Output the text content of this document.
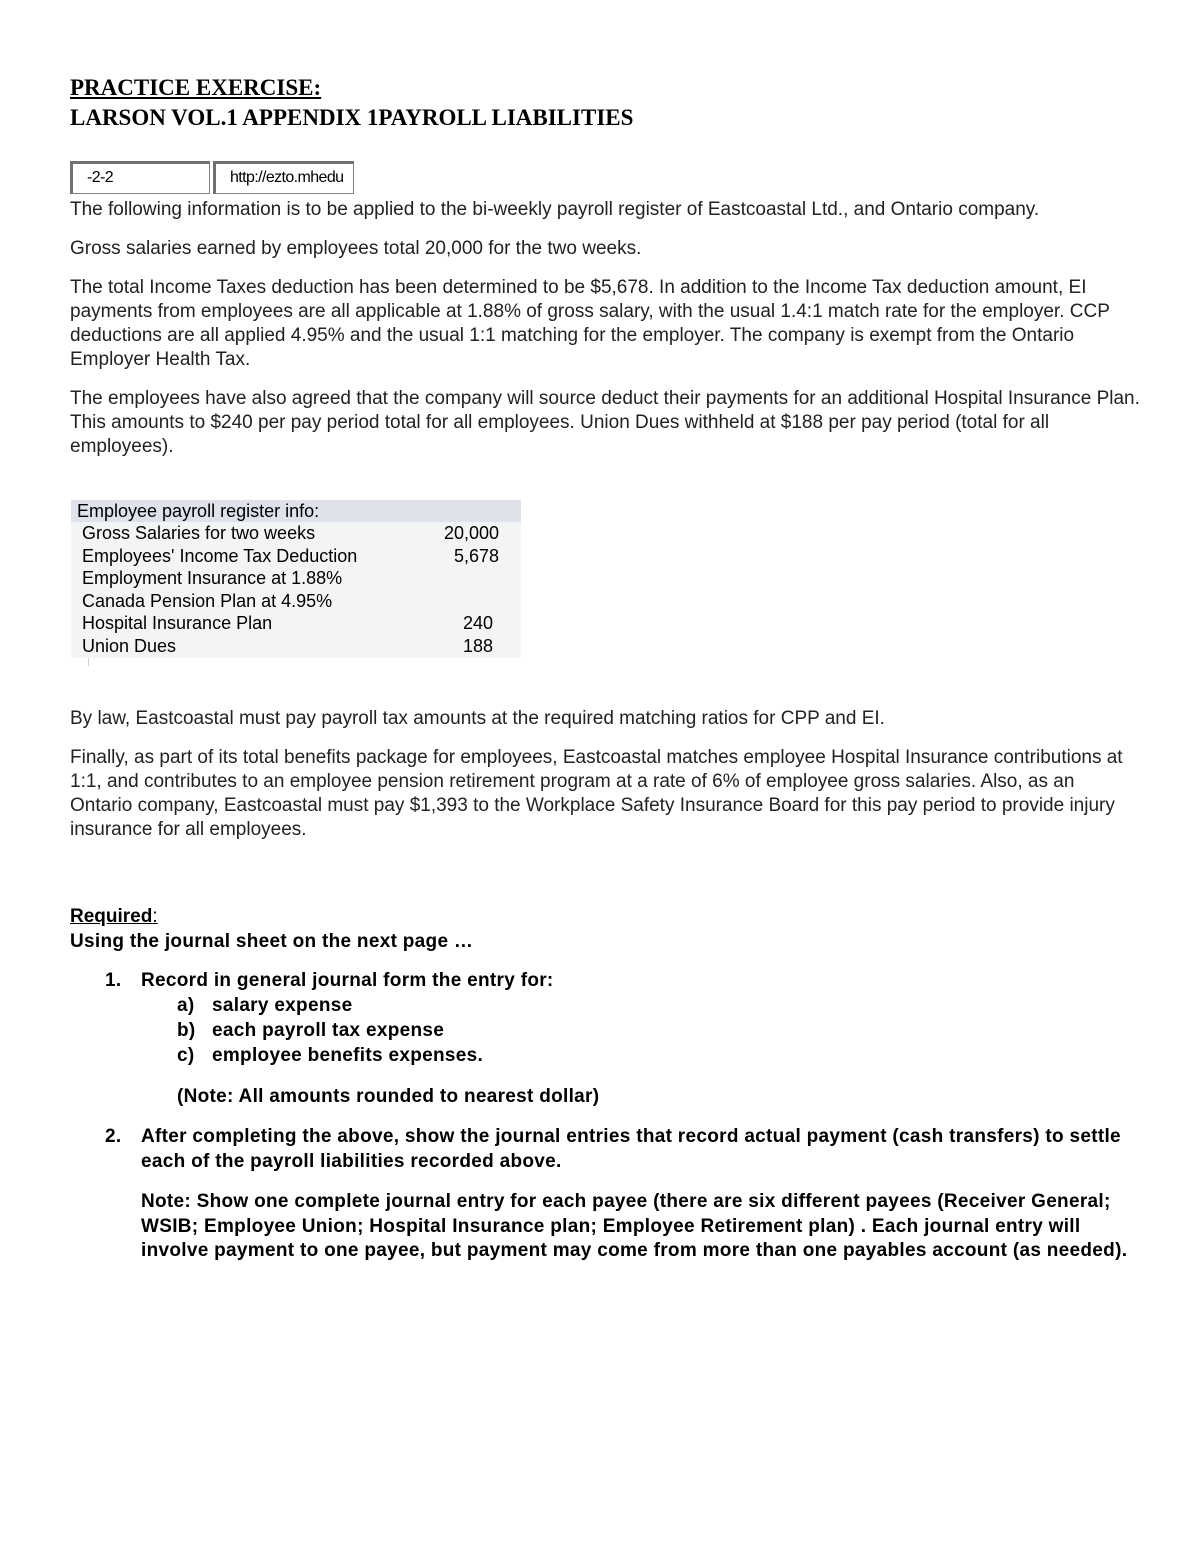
PRACTICE EXERCISE:
LARSON VOL.1 APPENDIX 1PAYROLL LIABILITIES
-2-2	http://ezto.mhedu

The following information is to be applied to the bi-weekly payroll register of Eastcoastal Ltd., and Ontario company.

Gross salaries earned by employees total 20,000 for the two weeks.

The total Income Taxes deduction has been determined to be $5,678. In addition to the Income Tax deduction amount, EI payments from employees are all applicable at 1.88% of gross salary, with the usual 1.4:1 match rate for the employer. CCP deductions are all applied 4.95% and the usual 1:1 matching for the employer. The company is exempt from the Ontario Employer Health Tax.

The employees have also agreed that the company will source deduct their payments for an additional Hospital Insurance Plan. This amounts to $240 per pay period total for all employees. Union Dues withheld at $188 per pay period (total for all employees).

Employee payroll register info:
Gross Salaries for two weeks	20,000
Employees' Income Tax Deduction	5,678
Employment Insurance at 1.88%
Canada Pension Plan at 4.95%
Hospital Insurance Plan	240
Union Dues	188

By law, Eastcoastal must pay payroll tax amounts at the required matching ratios for CPP and EI.

Finally, as part of its total benefits package for employees, Eastcoastal matches employee Hospital Insurance contributions at 1:1, and contributes to an employee pension retirement program at a rate of 6% of employee gross salaries. Also, as an Ontario company, Eastcoastal must pay $1,393 to the Workplace Safety Insurance Board for this pay period to provide injury insurance for all employees.

Required:

Using the journal sheet on the next page …

1. Record in general journal form the entry for:
a) salary expense
b) each payroll tax expense
c) employee benefits expenses.
(Note: All amounts rounded to nearest dollar)
2. After completing the above, show the journal entries that record actual payment (cash transfers) to settle each of the payroll liabilities recorded above.

Note: Show one complete journal entry for each payee (there are six different payees (Receiver General; WSIB; Employee Union; Hospital Insurance plan; Employee Retirement plan) . Each journal entry will involve payment to one payee, but payment may come from more than one payables account (as needed).
